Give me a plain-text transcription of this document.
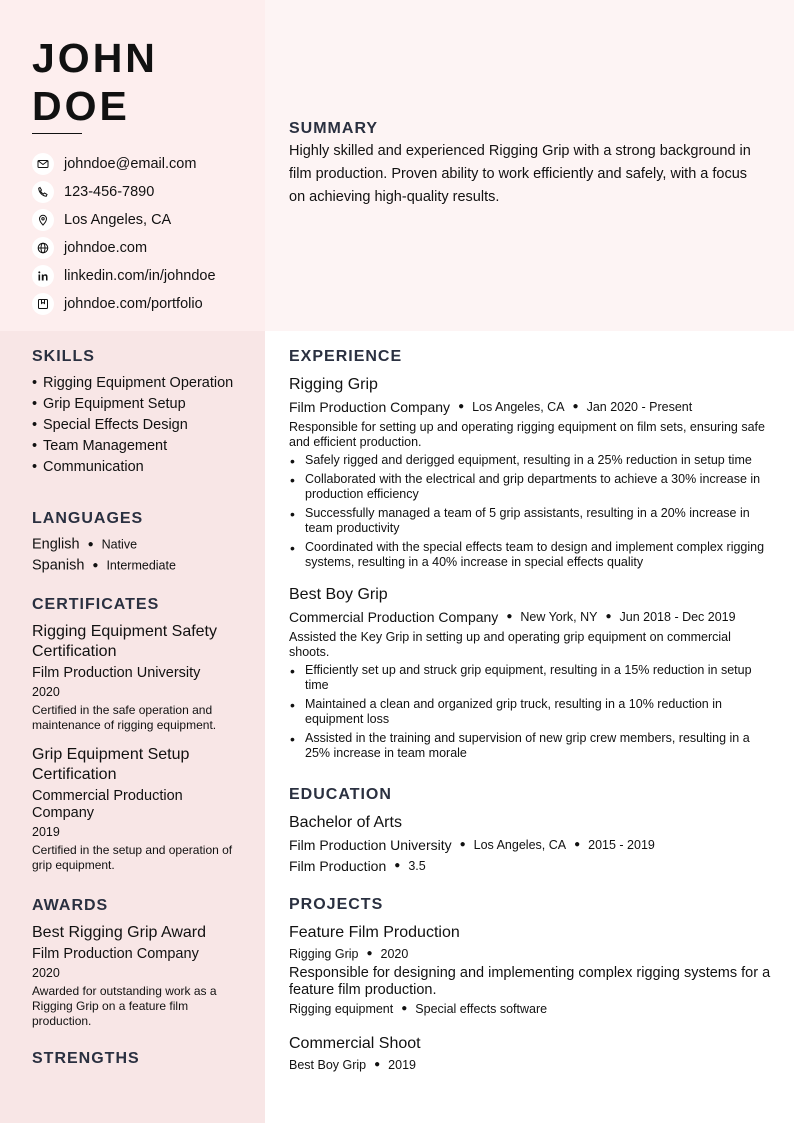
JOHN
DOE
johndoe@email.com
123-456-7890
Los Angeles, CA
johndoe.com
linkedin.com/in/johndoe
johndoe.com/portfolio
SUMMARY

Highly skilled and experienced Rigging Grip with a strong background in film production. Proven ability to work efficiently and safely, with a focus on achieving high-quality results.

SKILLS
• Rigging Equipment Operation
• Grip Equipment Setup
• Special Effects Design
• Team Management
• Communication
LANGUAGES
English ● Native
Spanish ● Intermediate
CERTIFICATES
Rigging Equipment Safety Certification
Film Production University
2020
Certified in the safe operation and maintenance of rigging equipment.
Grip Equipment Setup Certification
Commercial Production Company
2019
Certified in the setup and operation of grip equipment.
AWARDS
Best Rigging Grip Award
Film Production Company
2020
Awarded for outstanding work as a Rigging Grip on a feature film production.
STRENGTHS
EXPERIENCE
Rigging Grip
Film Production Company ● Los Angeles, CA ● Jan 2020 - Present
Responsible for setting up and operating rigging equipment on film sets, ensuring safe and efficient production.
• Safely rigged and derigged equipment, resulting in a 25% reduction in setup time
• Collaborated with the electrical and grip departments to achieve a 30% increase in production efficiency
• Successfully managed a team of 5 grip assistants, resulting in a 20% increase in team productivity
• Coordinated with the special effects team to design and implement complex rigging systems, resulting in a 40% increase in special effects quality
Best Boy Grip
Commercial Production Company ● New York, NY ● Jun 2018 - Dec 2019
Assisted the Key Grip in setting up and operating grip equipment on commercial shoots.
• Efficiently set up and struck grip equipment, resulting in a 15% reduction in setup time
• Maintained a clean and organized grip truck, resulting in a 10% reduction in equipment loss
• Assisted in the training and supervision of new grip crew members, resulting in a 25% increase in team morale
EDUCATION
Bachelor of Arts
Film Production University ● Los Angeles, CA ● 2015 - 2019
Film Production ● 3.5
PROJECTS
Feature Film Production
Rigging Grip ● 2020
Responsible for designing and implementing complex rigging systems for a feature film production.
Rigging equipment ● Special effects software
Commercial Shoot
Best Boy Grip ● 2019
